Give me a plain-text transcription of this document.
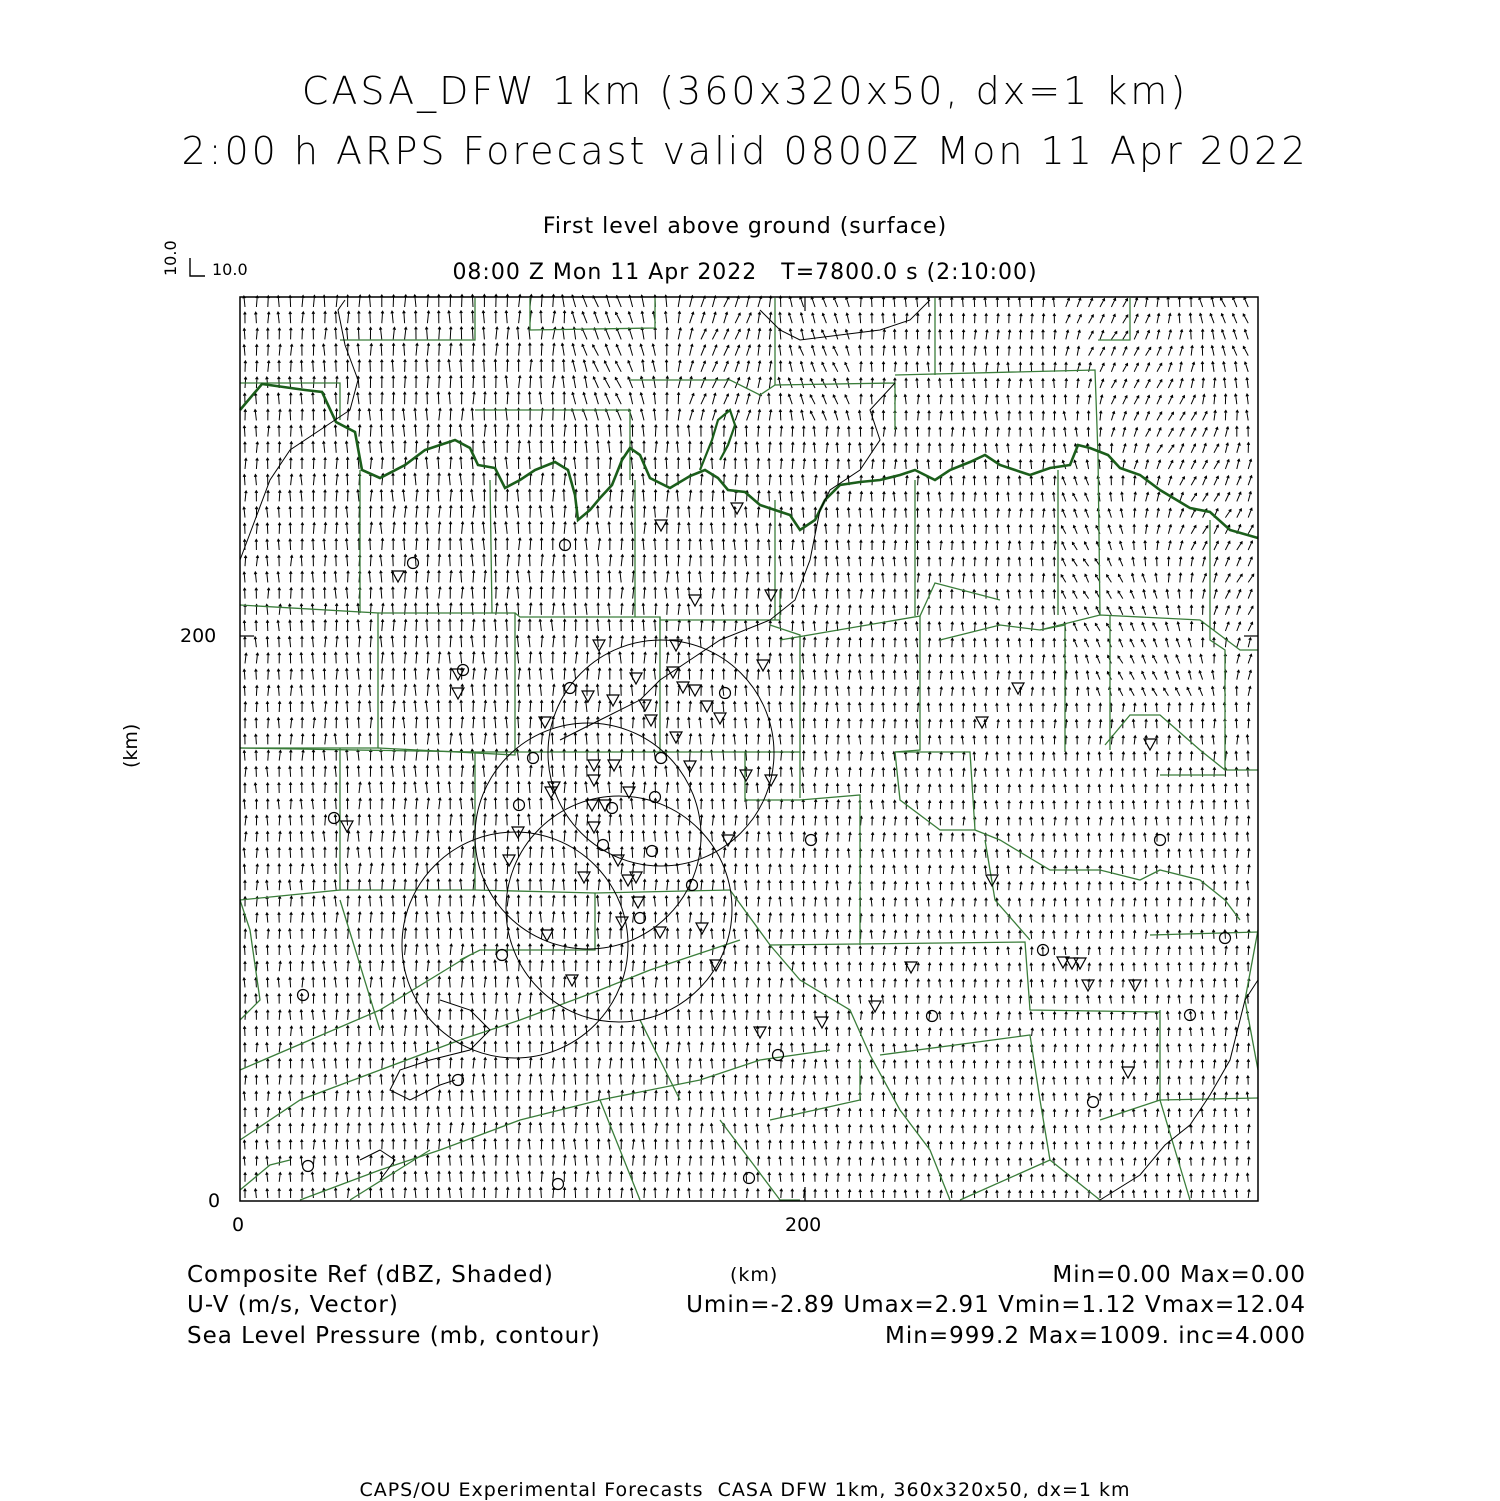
CASA_DFW 1km (360x320x50, dx=1 km)
2:00 h ARPS Forecast valid 0800Z Mon 11 Apr 2022
First level above ground (surface)
08:00 Z Mon 11 Apr 2022   T=7800.0 s (2:10:00)
10.0 10.0
200
0
0	200
(km)
Composite Ref (dBZ, Shaded)	(km)	Min=0.00 Max=0.00
U-V (m/s, Vector)	Umin=-2.89 Umax=2.91 Vmin=1.12 Vmax=12.04
Sea Level Pressure (mb, contour)	Min=999.2 Max=1009. inc=4.000
CAPS/OU Experimental Forecasts  CASA DFW 1km, 360x320x50, dx=1 km
